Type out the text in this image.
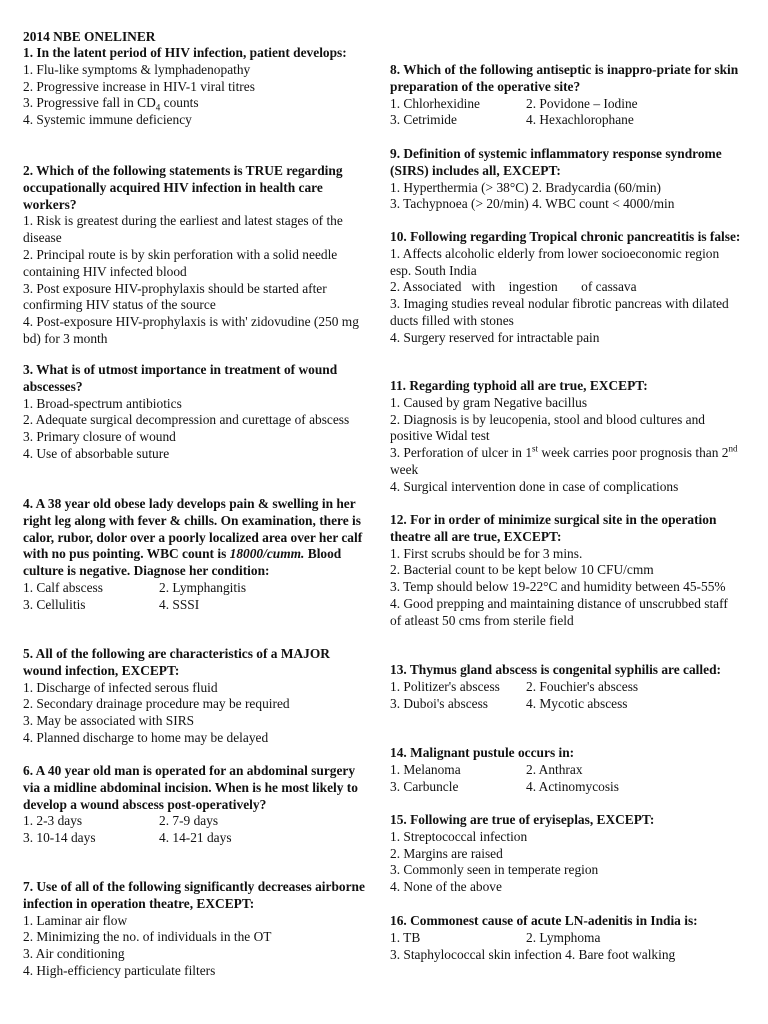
2014 NBE ONELINER
1. In the latent period of HIV infection, patient develops:
1. Flu-like symptoms & lymphadenopathy
2. Progressive increase in HIV-1 viral titres
3. Progressive fall in $CD_4$ counts
4. Systemic immune deficiency
2. Which of the following statements is TRUE regarding occupationally acquired HIV infection in health care workers?
1. Risk is greatest during the earliest and latest stages of the disease
2. Principal route is by skin perforation with a solid needle containing HIV infected blood
3. Post exposure HIV-prophylaxis should be started after confirming HIV status of the source
4. Post-exposure HIV-prophylaxis is with' zidovudine (250 mg bd) for 3 month
3. What is of utmost importance in treatment of wound abscesses?
1. Broad-spectrum antibiotics
2. Adequate surgical decompression and curettage of abscess
3. Primary closure of wound
4. Use of absorbable suture
4. A 38 year old obese lady develops pain & swelling in her right leg along with fever & chills. On examination, there is calor, rubor, dolor over a poorly localized area over her calf with no pus pointing. WBC count is 18000/cumm. Blood culture is negative. Diagnose her condition:
1. Calf abscess	2. Lymphangitis
3. Cellulitis	4. SSSI
5. All of the following are characteristics of a MAJOR wound infection, EXCEPT:
1. Discharge of infected serous fluid
2. Secondary drainage procedure may be required
3. May be associated with SIRS
4. Planned discharge to home may be delayed
6. A 40 year old man is operated for an abdominal surgery via a midline abdominal incision. When is he most likely to develop a wound abscess post-operatively?
1. 2-3 days	2. 7-9 days
3. 10-14 days	4. 14-21 days
7. Use of all of the following significantly decreases airborne infection in operation theatre, EXCEPT:
1. Laminar air flow
2. Minimizing the no. of individuals in the OT
3. Air conditioning
4. High-efficiency particulate filters
8. Which of the following antiseptic is inappro-priate for skin preparation of the operative site?
1. Chlorhexidine	2. Povidone – Iodine
3. Cetrimide	4. Hexachlorophane
9. Definition of systemic inflammatory response syndrome (SIRS) includes all, EXCEPT:
1. Hyperthermia (> 38°C) 2. Bradycardia (60/min)
3. Tachypnoea (> 20/min) 4. WBC count < 4000/min
10. Following regarding Tropical chronic pancreatitis is false:
1. Affects alcoholic elderly from lower socioeconomic region esp. South India
2. Associated   with    ingestion       of cassava
3. Imaging studies reveal nodular fibrotic pancreas with dilated ducts filled with stones
4. Surgery reserved for intractable pain
11. Regarding typhoid all are true, EXCEPT:
1. Caused by gram Negative bacillus
2. Diagnosis is by leucopenia, stool and blood cultures and positive Widal test
3. Perforation of ulcer in 1st week carries poor prognosis than 2nd week
4. Surgical intervention done in case of complications
12. For in order of minimize surgical site in the operation theatre all are true, EXCEPT:
1. First scrubs should be for 3 mins.
2. Bacterial count to be kept below 10 CFU/cmm
3. Temp should below 19-22°C and humidity between 45-55%
4. Good prepping and maintaining distance of unscrubbed staff of atleast 50 cms from sterile field
13. Thymus gland abscess is congenital syphilis are called:
1. Politizer's abscess	2. Fouchier's abscess
3. Duboi's abscess	4. Mycotic abscess
14. Malignant pustule occurs in:
1. Melanoma	2. Anthrax
3. Carbuncle	4. Actinomycosis
15. Following are true of eryiseplas, EXCEPT:
1. Streptococcal infection
2. Margins are raised
3. Commonly seen in temperate region
4. None of the above
16. Commonest cause of acute LN-adenitis in India is:
1. TB	2. Lymphoma
3. Staphylococcal skin infection 4. Bare foot walking
